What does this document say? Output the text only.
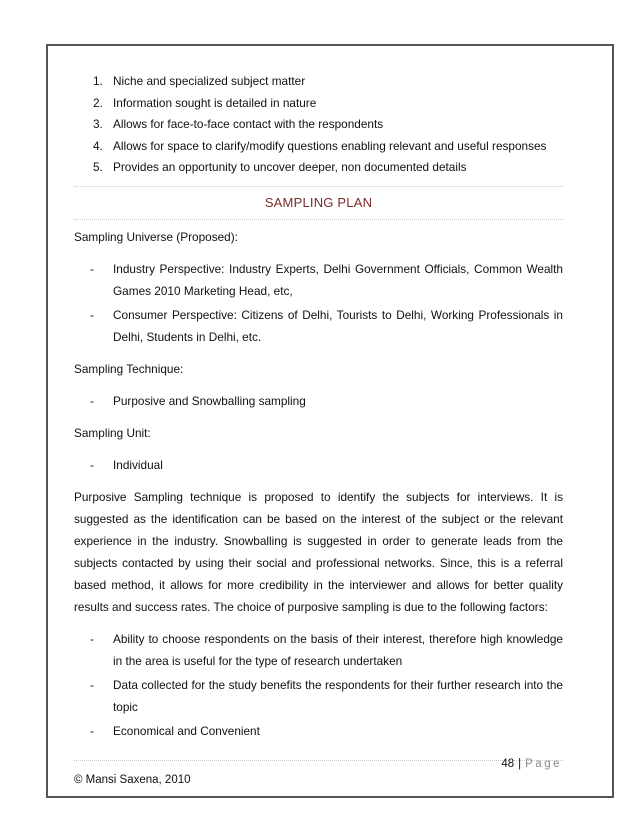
1. Niche and specialized subject matter
2. Information sought is detailed in nature
3. Allows for face-to-face contact with the respondents
4. Allows for space to clarify/modify questions enabling relevant and useful responses
5. Provides an opportunity to uncover deeper, non documented details
SAMPLING PLAN

Sampling Universe (Proposed):

- Industry Perspective: Industry Experts, Delhi Government Officials, Common Wealth Games 2010 Marketing Head, etc,
- Consumer Perspective: Citizens of Delhi, Tourists to Delhi, Working Professionals in Delhi, Students in Delhi, etc.

Sampling Technique:

- Purposive and Snowballing sampling

Sampling Unit:

- Individual

Purposive Sampling technique is proposed to identify the subjects for interviews. It is suggested as the identification can be based on the interest of the subject or the relevant experience in the industry. Snowballing is suggested in order to generate leads from the subjects contacted by using their social and professional networks. Since, this is a referral based method, it allows for more credibility in the interviewer and allows for better quality results and success rates. The choice of purposive sampling is due to the following factors:

- Ability to choose respondents on the basis of their interest, therefore high knowledge in the area is useful for the type of research undertaken
- Data collected for the study benefits the respondents for their further research into the topic
- Economical and Convenient
48 | Page
© Mansi Saxena, 2010
